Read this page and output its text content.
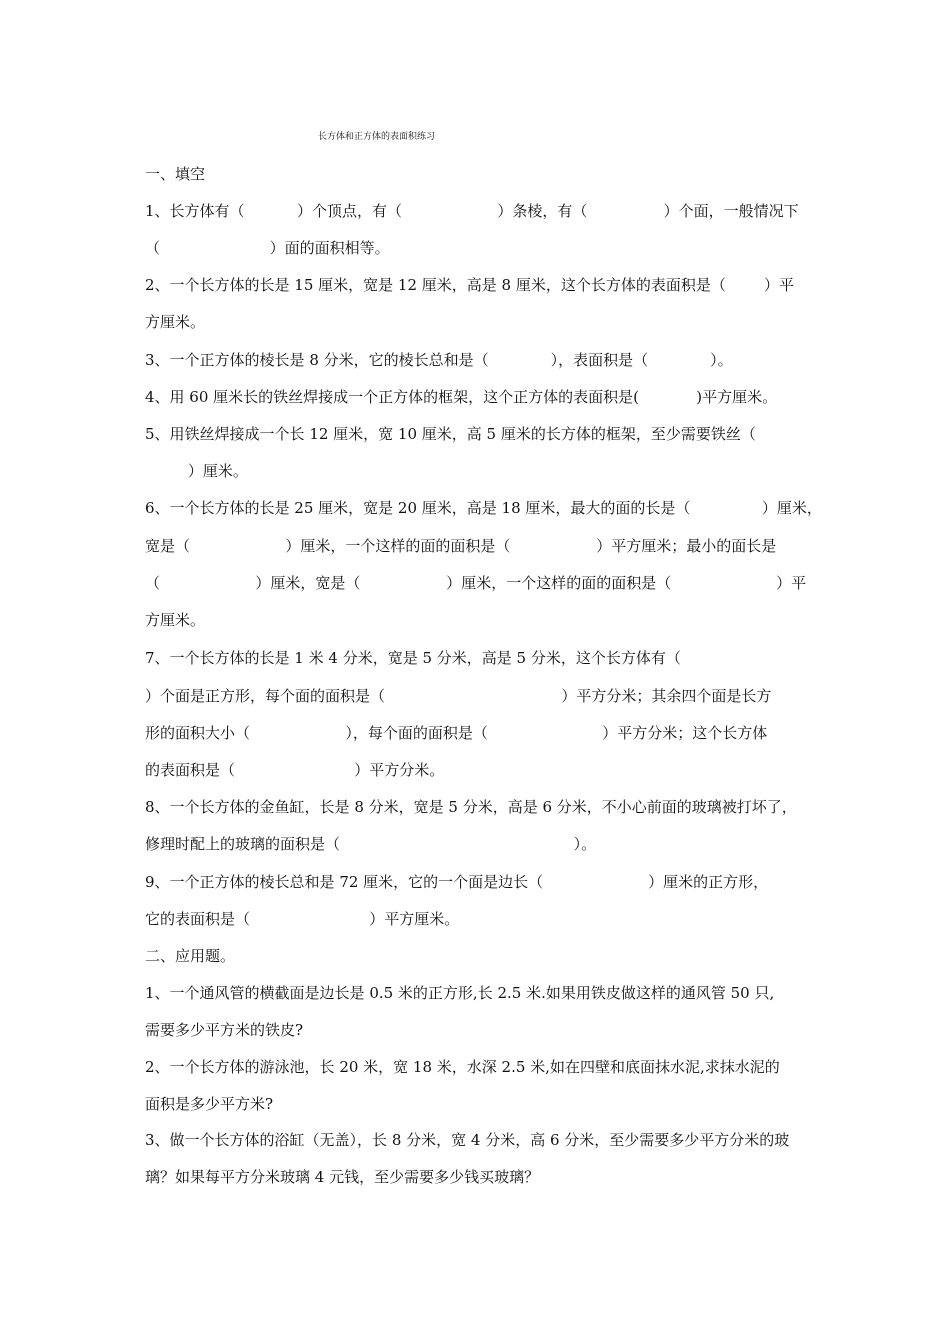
长方体和正方体的表面积练习
一、填空
1、长方体有（           ）个顶点，有（                    ）条棱，有（                ）个面，一般情况下
（                       ）面的面积相等。
2、一个长方体的长是 15 厘米，宽是 12 厘米，高是 8 厘米，这个长方体的表面积是（        ）平
方厘米。
3、一个正方体的棱长是 8 分米，它的棱长总和是（             ），表面积是（             ）。
4、用 60 厘米长的铁丝焊接成一个正方体的框架，这个正方体的表面积是(            )平方厘米。
5、用铁丝焊接成一个长 12 厘米，宽 10 厘米，高 5 厘米的长方体的框架，至少需要铁丝（
）厘米。
6、一个长方体的长是 25 厘米，宽是 20 厘米，高是 18 厘米，最大的面的长是（               ）厘米，
宽是（                    ）厘米，一个这样的面的面积是（                  ）平方厘米；最小的面长是
（                    ）厘米，宽是（                  ）厘米，一个这样的面的面积是（                      ）平
方厘米。
7、一个长方体的长是 1 米 4 分米，宽是 5 分米，高是 5 分米，这个长方体有（
）个面是正方形，每个面的面积是（                                     ）平方分米；其余四个面是长方
形的面积大小（                    ），每个面的面积是（                        ）平方分米；这个长方体
的表面积是（                         ）平方分米。
8、一个长方体的金鱼缸，长是 8 分米，宽是 5 分米，高是 6 分米，不小心前面的玻璃被打坏了，
修理时配上的玻璃的面积是（                                                 ）。
9、一个正方体的棱长总和是 72 厘米，它的一个面是边长（                      ）厘米的正方形，
它的表面积是（                         ）平方厘米。
二、应用题。
1、一个通风管的横截面是边长是 0.5 米的正方形,长 2.5 米.如果用铁皮做这样的通风管 50 只,
需要多少平方米的铁皮?
2、一个长方体的游泳池，长 20 米，宽 18 米，水深 2.5 米,如在四壁和底面抹水泥,求抹水泥的
面积是多少平方米?
3、做一个长方体的浴缸（无盖），长 8 分米，宽 4 分米，高 6 分米，至少需要多少平方分米的玻
璃？如果每平方分米玻璃 4 元钱，至少需要多少钱买玻璃？
